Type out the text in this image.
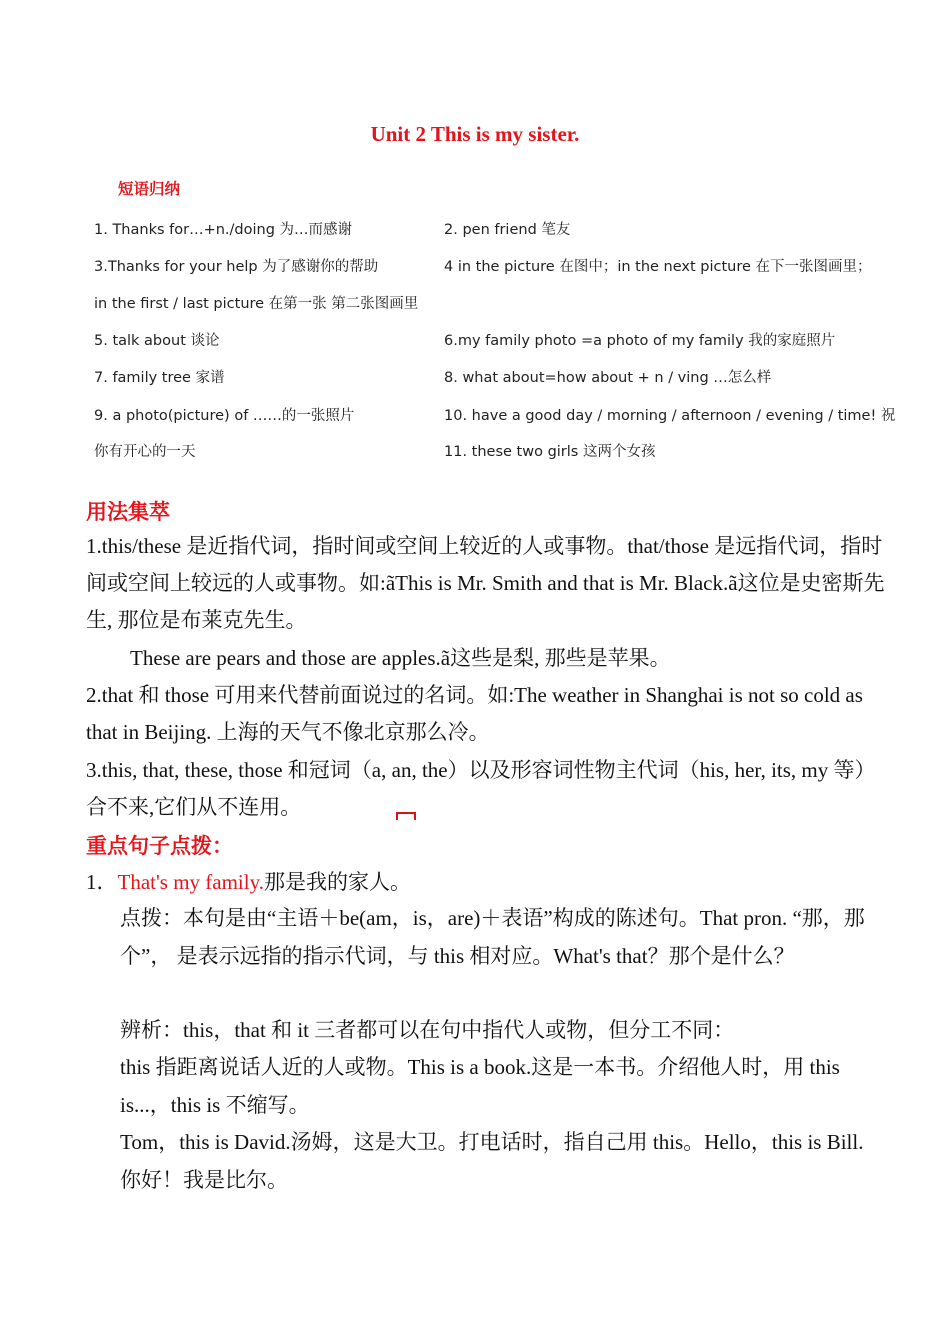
Unit 2 This is my sister.
短语归纳
1. Thanks for…+n./doing 为…而感谢	2. pen friend 笔友
3.Thanks for your help 为了感谢你的帮助	4 in the picture 在图中；in the next picture 在下一张图画里；
in the first / last picture 在第一张 第二张图画里
5. talk about 谈论	6.my family photo =a photo of my family 我的家庭照片
7. family tree 家谱	8. what about=how about + n / ving …怎么样
9. a photo(picture) of ……的一张照片	10. have a good day / morning / afternoon / evening / time! 祝
你有开心的一天	11. these two girls 这两个女孩
用法集萃
1.this/these 是近指代词，指时间或空间上较近的人或事物。that/those 是远指代词，指时间或空间上较远的人或事物。如:ãThis is Mr. Smith and that is Mr. Black.ã这位是史密斯先生, 那位是布莱克先生。
These are pears and those are apples.ã这些是梨, 那些是苹果。
2.that 和 those 可用来代替前面说过的名词。如:The weather in Shanghai is not so cold as that in Beijing. 上海的天气不像北京那么冷。
3.this, that, these, those 和冠词（a, an, the）以及形容词性物主代词（his, her, its, my 等）合不来,它们从不连用。
重点句子点拨：
1．That's my family.那是我的家人。
点拨：本句是由“主语＋be(am，is，are)＋表语”构成的陈述句。That pron. “那，那个”， 是表示远指的指示代词，与 this 相对应。What's that？那个是什么？
辨析：this，that 和 it 三者都可以在句中指代人或物，但分工不同：
this 指距离说话人近的人或物。This is a book.这是一本书。介绍他人时，用 this is...，this is 不缩写。
Tom，this is David.汤姆，这是大卫。打电话时，指自己用 this。Hello，this is Bill.你好！我是比尔。
